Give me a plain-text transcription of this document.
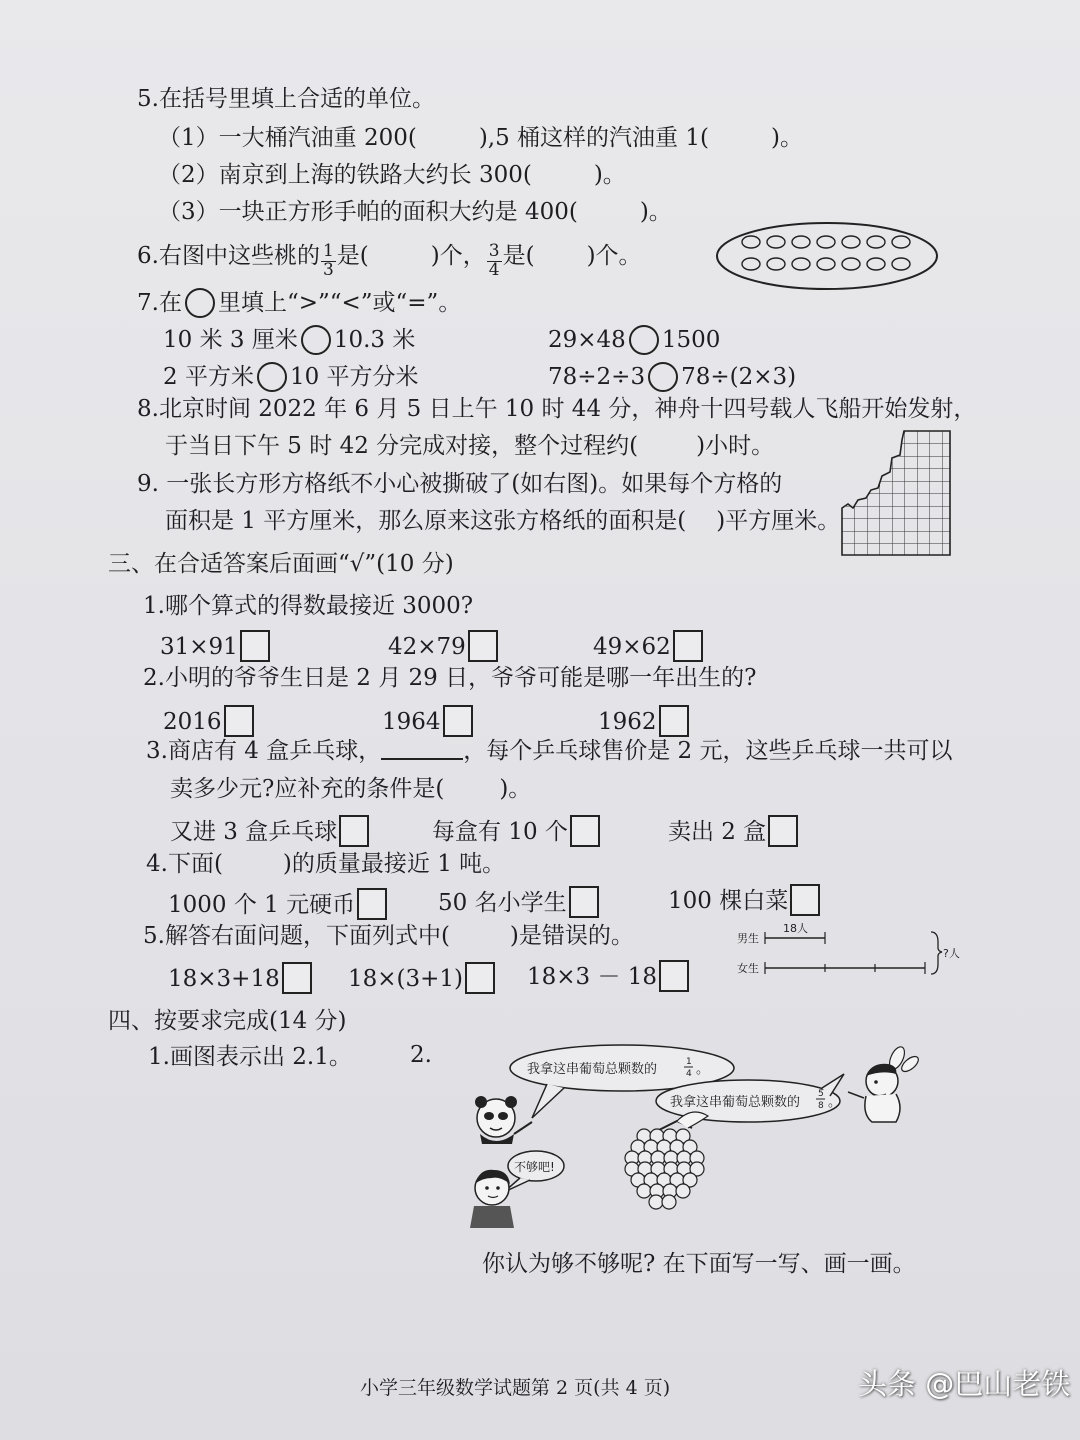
5.在括号里填上合适的单位。
（1）一大桶汽油重 200(	),5 桶这样的汽油重 1(	)。
（2）南京到上海的铁路大约长 300(	)。
（3）一块正方形手帕的面积大约是 400(	)。
6.右图中这些桃的 $\frac{1}{3}$ 是(	)个， $\frac{3}{4}$ 是( )个。
7.在 里填上“>”“<”或“=”。
10 米 3 厘米 10.3 米	29×48 1500
2 平方米 10 平方分米	78÷2÷3 78÷(2×3)
8.北京时间 2022 年 6 月 5 日上午 10 时 44 分，神舟十四号载人飞船开始发射，
于当日下午 5 时 42 分完成对接，整个过程约(	)小时。
9. 一张长方形方格纸不小心被撕破了(如右图)。如果每个方格的
面积是 1 平方厘米，那么原来这张方格纸的面积是( )平方厘米。
三、在合适答案后面画“√”(10 分)
1.哪个算式的得数最接近 3000?
31×91	42×79	49×62
2.小明的爷爷生日是 2 月 29 日，爷爷可能是哪一年出生的?
2016	1964	1962
3.商店有 4 盒乒乓球，	，每个乒乓球售价是 2 元，这些乒乓球一共可以
卖多少元?应补充的条件是( )。
又进 3 盒乒乓球	每盒有 10 个	卖出 2 盒
4.下面(	)的质量最接近 1 吨。
1000 个 1 元硬币	50 名小学生	100 棵白菜
5.解答右面问题，下面列式中(	)是错误的。
18×3+18	18×(3+1)	18×3 － 18
男生
18人
女生
?人
四、按要求完成(14 分)
1.画图表示出 2.1。	2.
我拿这串葡萄总颗数的	1
4 。
我拿这串葡萄总颗数的
5
8 。
不够吧!
你认为够不够呢? 在下面写一写、画一画。
小学三年级数学试题第 2 页(共 4 页)	头条 @巴山老铁
